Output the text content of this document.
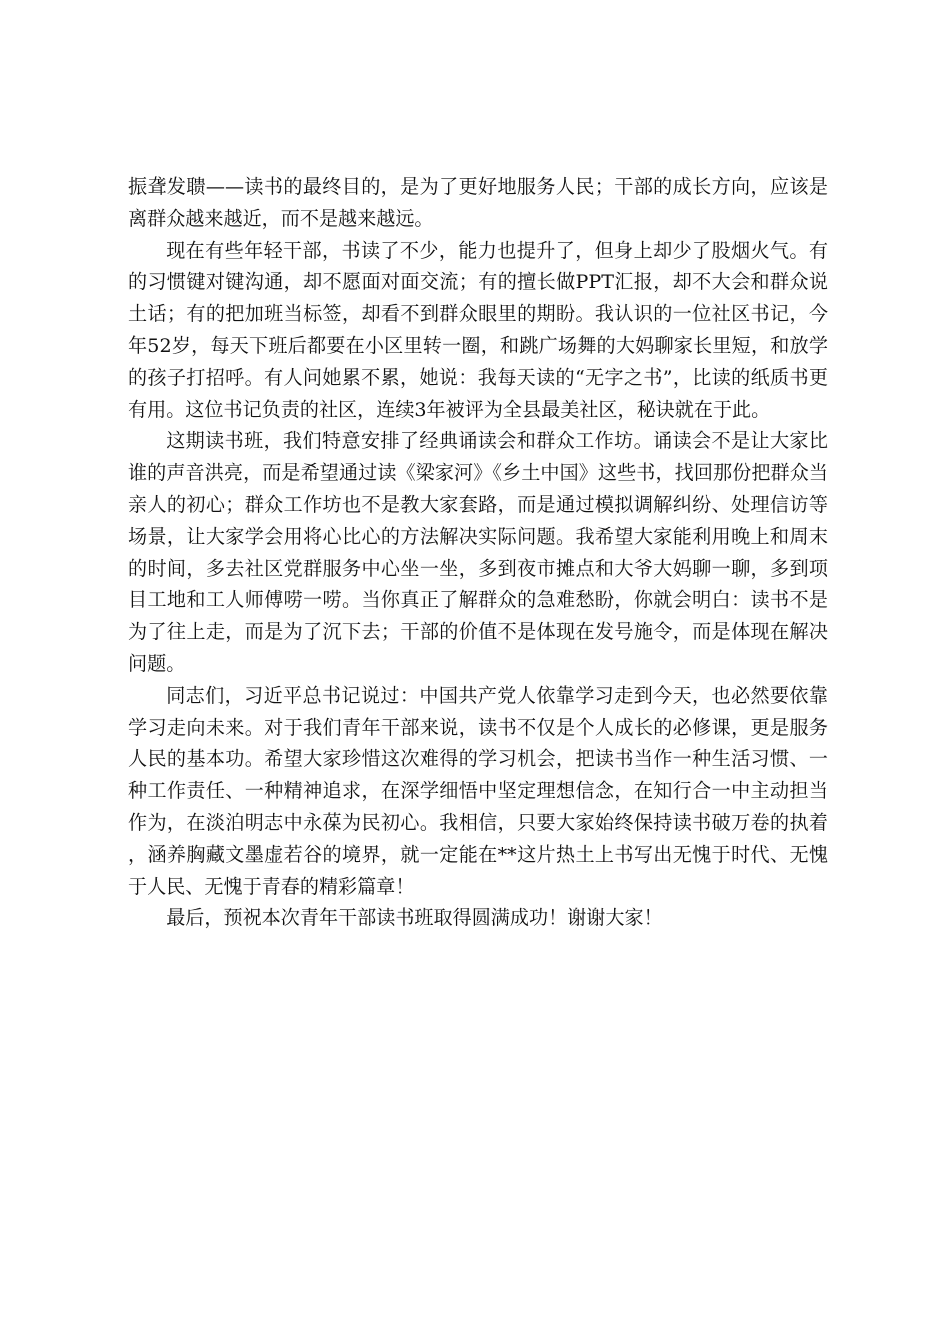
振聋发聩——读书的最终目的，是为了更好地服务人民；干部的成长方向，应该是离群众越来越近，而不是越来越远。

现在有些年轻干部，书读了不少，能力也提升了，但身上却少了股烟火气。有的习惯键对键沟通，却不愿面对面交流；有的擅长做PPT汇报，却不大会和群众说土话；有的把加班当标签，却看不到群众眼里的期盼。我认识的一位社区书记，今年52岁，每天下班后都要在小区里转一圈，和跳广场舞的大妈聊家长里短，和放学的孩子打招呼。有人问她累不累，她说：我每天读的“无字之书”，比读的纸质书更有用。这位书记负责的社区，连续3年被评为全县最美社区，秘诀就在于此。

这期读书班，我们特意安排了经典诵读会和群众工作坊。诵读会不是让大家比谁的声音洪亮，而是希望通过读《梁家河》《乡土中国》这些书，找回那份把群众当亲人的初心；群众工作坊也不是教大家套路，而是通过模拟调解纠纷、处理信访等场景，让大家学会用将心比心的方法解决实际问题。我希望大家能利用晚上和周末的时间，多去社区党群服务中心坐一坐，多到夜市摊点和大爷大妈聊一聊，多到项目工地和工人师傅唠一唠。当你真正了解群众的急难愁盼，你就会明白：读书不是为了往上走，而是为了沉下去；干部的价值不是体现在发号施令，而是体现在解决问题。

同志们，习近平总书记说过：中国共产党人依靠学习走到今天，也必然要依靠学习走向未来。对于我们青年干部来说，读书不仅是个人成长的必修课，更是服务人民的基本功。希望大家珍惜这次难得的学习机会，把读书当作一种生活习惯、一种工作责任、一种精神追求，在深学细悟中坚定理想信念，在知行合一中主动担当作为，在淡泊明志中永葆为民初心。我相信，只要大家始终保持读书破万卷的执着，涵养胸藏文墨虚若谷的境界，就一定能在**这片热土上书写出无愧于时代、无愧于人民、无愧于青春的精彩篇章！

最后，预祝本次青年干部读书班取得圆满成功！谢谢大家！
